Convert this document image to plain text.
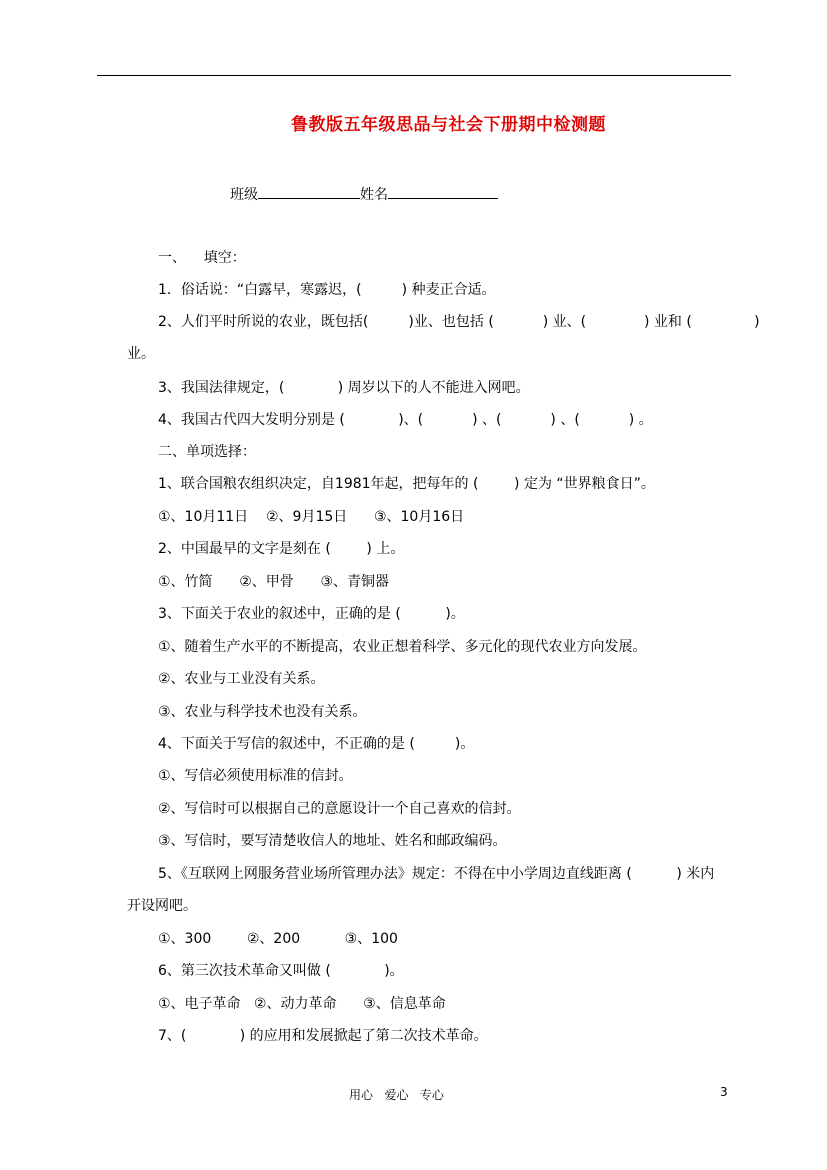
鲁教版五年级思品与社会下册期中检测题
班级	姓名
一、    填空：
1．俗话说：“白露早，寒露迟，(         ) 种麦正合适。
2、人们平时所说的农业，既包括(         )业、也包括 (           ) 业、(             ) 业和 (              )
业。
3、我国法律规定，(            ) 周岁以下的人不能进入网吧。
4、我国古代四大发明分别是 (            )、(           ) 、(           ) 、(           ) 。
二、单项选择：
1、联合国粮农组织决定，自1981年起，把每年的 (        ) 定为 “世界粮食日”。
①、10月11日    ②、9月15日      ③、10月16日
2、中国最早的文字是刻在 (        ) 上。
①、竹简      ②、甲骨      ③、青铜器
3、下面关于农业的叙述中，正确的是 (          )。
①、随着生产水平的不断提高，农业正想着科学、多元化的现代农业方向发展。
②、农业与工业没有关系。
③、农业与科学技术也没有关系。
4、下面关于写信的叙述中，不正确的是 (         )。
①、写信必须使用标准的信封。
②、写信时可以根据自己的意愿设计一个自己喜欢的信封。
③、写信时，要写清楚收信人的地址、姓名和邮政编码。
5、《互联网上网服务营业场所管理办法》规定：不得在中小学周边直线距离 (          ) 米内
开设网吧。
①、300        ②、200          ③、100
6、第三次技术革命又叫做 (            )。
①、电子革命   ②、动力革命      ③、信息革命
7、(            ) 的应用和发展掀起了第二次技术革命。
用心   爱心   专心	3
